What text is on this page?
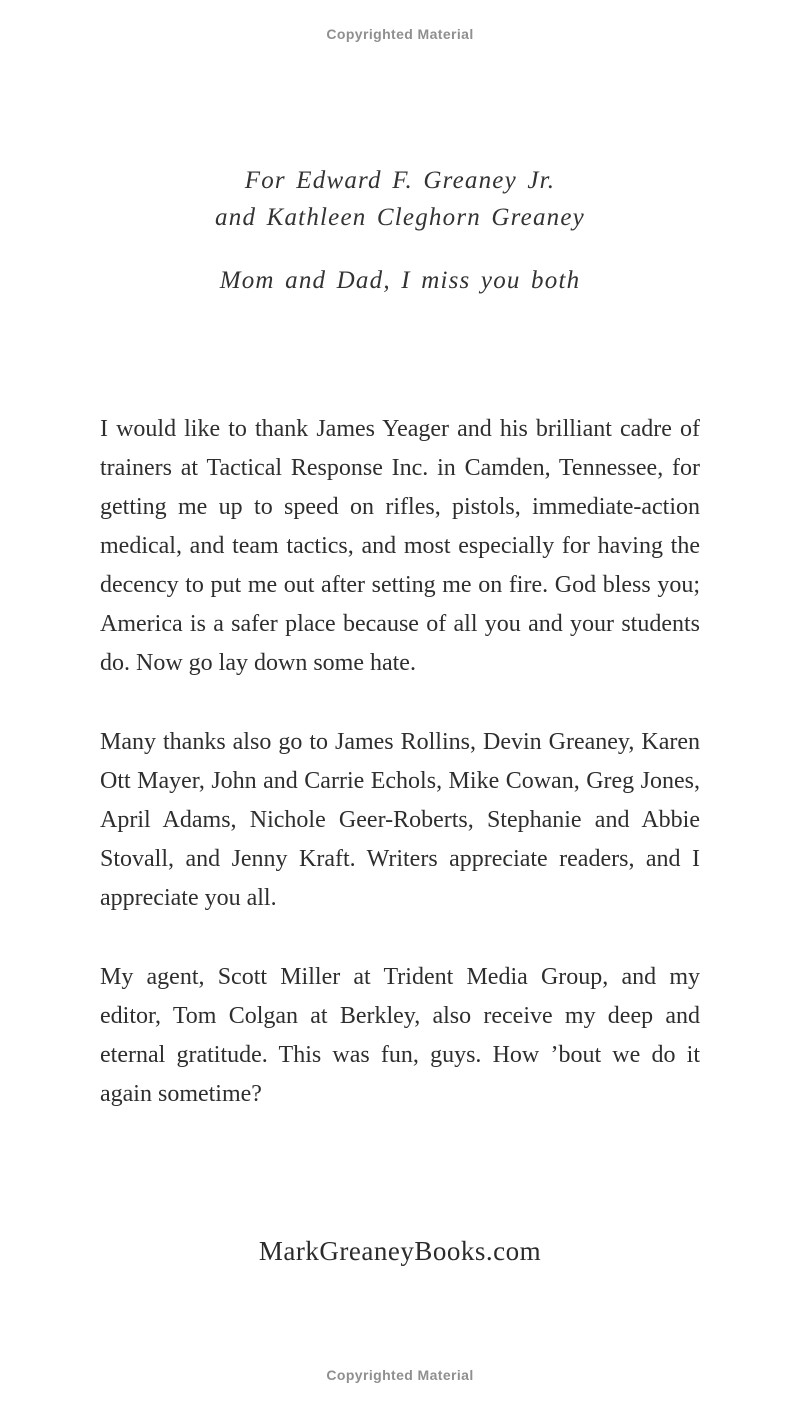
Copyrighted Material
For Edward F. Greaney Jr.
and Kathleen Cleghorn Greaney
Mom and Dad, I miss you both

I would like to thank James Yeager and his brilliant cadre of trainers at Tactical Response Inc. in Camden, Tennessee, for getting me up to speed on rifles, pistols, immediate-action medical, and team tactics, and most especially for having the decency to put me out after setting me on fire. God bless you; America is a safer place because of all you and your students do. Now go lay down some hate.

Many thanks also go to James Rollins, Devin Greaney, Karen Ott Mayer, John and Carrie Echols, Mike Cowan, Greg Jones, April Adams, Nichole Geer-Roberts, Stephanie and Abbie Stovall, and Jenny Kraft. Writers appreciate readers, and I appreciate you all.

My agent, Scott Miller at Trident Media Group, and my editor, Tom Colgan at Berkley, also receive my deep and eternal gratitude. This was fun, guys. How ’bout we do it again sometime?

MarkGreaneyBooks.com
Copyrighted Material
